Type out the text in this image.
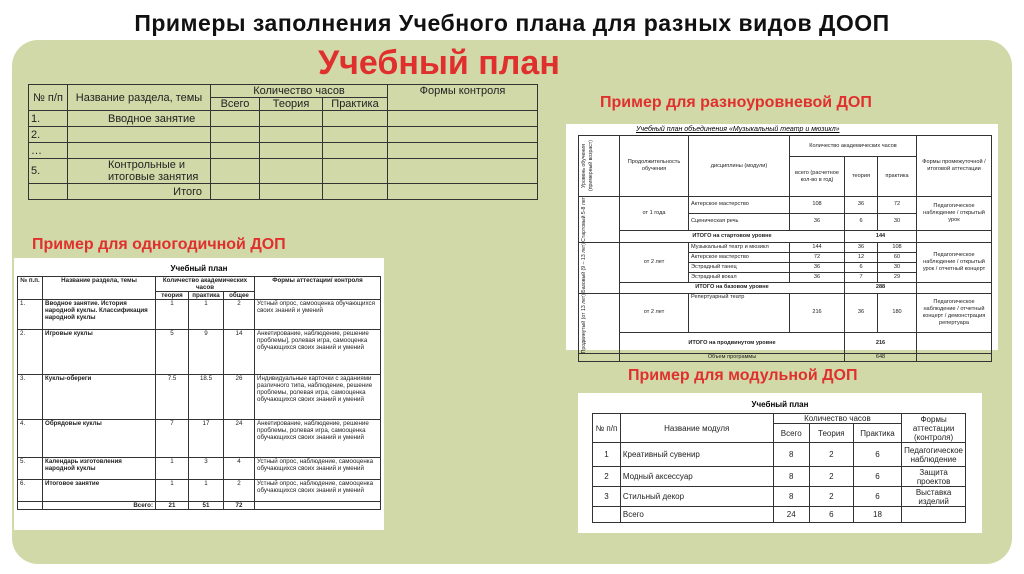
Примеры заполнения Учебного плана для разных видов ДООП
Учебный план
№ п/п	Название раздела, темы	Количество часов			Формы контроля
		Всего	Теория	Практика	
1.	Вводное занятие				
2.					
…					
5.	Контрольные и итоговые занятия				
	Итого				
Пример для одногодичной ДОП
Пример для разноуровневой ДОП
Пример для модульной ДОП
Учебный план
№ п.п.	Название раздела, темы	Количество академических часов			Формы аттестации/ контроля
		теория	практика	общее	
1.	Вводное занятие. История народной куклы. Классификация народной куклы	1	1	2	Устный опрос, самооценка обучающихся своих знаний и умений
2.	Игровые куклы	5	9	14	Анкетирование, наблюдение, решение проблемы], ролевая игра, самооценка обучающихся своих знаний и умений
3.	Куклы-обереги	7.5	18.5	26	Индивидуальные карточки с заданиями различного типа, наблюдение, решение проблемы, ролевая игра, самооценка обучающихся своих знаний и умений
4.	Обрядовые куклы	7	17	24	Анкетирование, наблюдение, решение проблемы, ролевая игра, самооценка обучающихся своих знаний и умений
5.	Календарь изготовления народной куклы	1	3	4	Устный опрос, наблюдение, самооценка обучающихся своих знаний и умений
6.	Итоговое занятие	1	1	2	Устный опрос, наблюдение, самооценка обучающихся своих знаний и умений
	Всего:	21	51	72	
Учебный план объединения «Музыкальный театр и мюзикл»
Уровень обучения (примерный возраст)	Продолжительность обучения	дисциплины (модули)	Количество академических часов			Формы промежуточной / итоговой аттестации
			всего (расчетное кол-во в год)	теория	практика	

Стартовый 5-8 лет	от 1 года	Актерское мастерство	108	36	72	Педагогическое наблюдение / открытый урок
		Сценическая речь	36	6	30	
	ИТОГО на стартовом уровне			144		

Базовый (9 – 13 лет)	от 2 лет	Музыкальный театр и мюзикл	144	36	108	Педагогическое наблюдение / открытый урок / отчетный концерт
		Актерское мастерство	72	12	60	
		Эстрадный танец	36	6	30	
		Эстрадный вокал	36	7	29	
	ИТОГО на базовом уровне			288		

Продвинутый (от 13 лет)	от 2 лет	Репертуарный театр	216	36	180	Педагогическое наблюдение / отчетный концерт / демонстрация репертуара
	ИТОГО на продвинутом уровне			216		
	Объем программы			648		
Учебный план
№ п/п	Название модуля	Количество часов			Формы аттестации (контроля)
		Всего	Теория	Практика	
1	Креативный сувенир	8	2	6	Педагогическое наблюдение
2	Модный аксессуар	8	2	6	Защита проектов
3	Стильный декор	8	2	6	Выставка изделий
	Всего	24	6	18	
